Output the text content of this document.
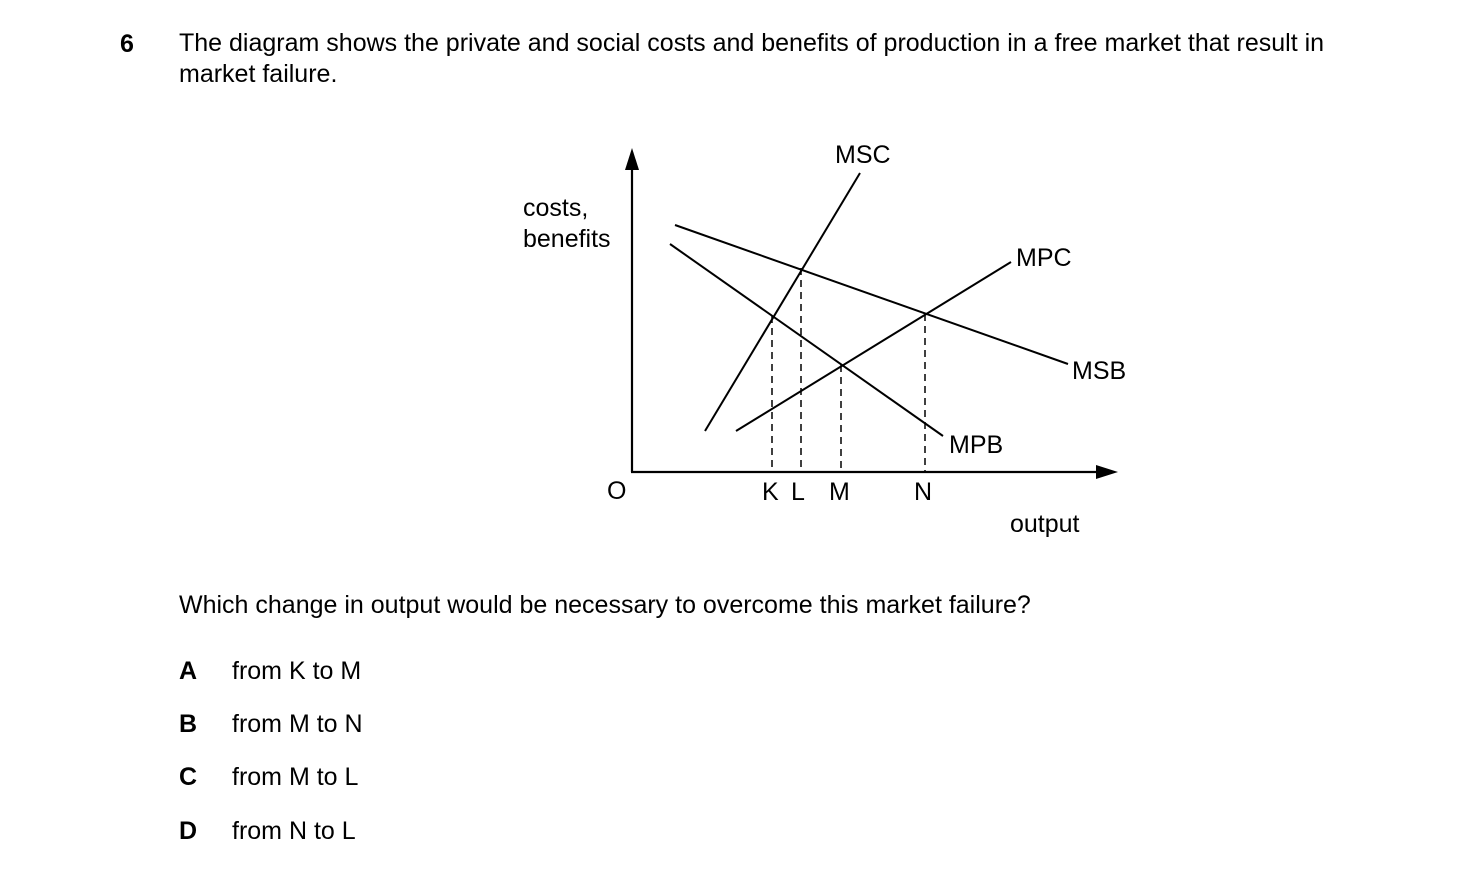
6 The diagram shows the private and social costs and benefits of production in a free market that result in market failure.
costs,
benefits
MSC
MPC
MSB
MPB
O	K L M	N
output
Which change in output would be necessary to overcome this market failure?
A from K to M
B from M to N
C from M to L
D from N to L
